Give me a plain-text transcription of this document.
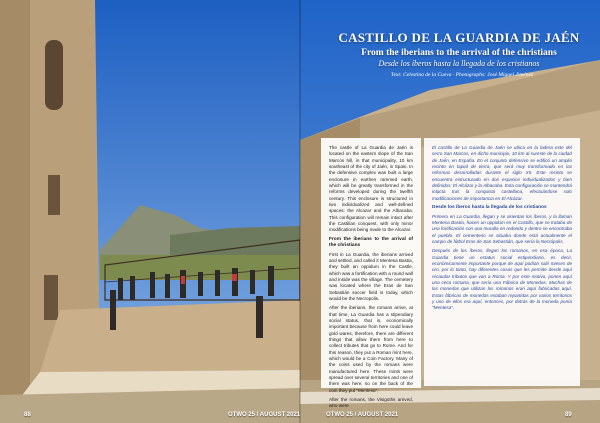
CASTILLO DE LA GUARDIA DE JAÉN
From the iberians to the arrival of the christians
Desde los íberos hasta la llegada de los cristianos
Text: Celestina de la Cueva · Photographs: José Miguel Jiménez

The castle of La Guardia de Jaén is located on the eastern slope of the San Marcos hill, in that municipality, 10 km southeast of the city of Jaén, in Spain. In the defensive complex was built a large enclosure in earthen rammed earth, which will be greatly transformed in the reforms developed during the twelfth century. This enclosure is structured in two individualized and well-defined spaces: the Alcazar and the Albacaba. This configuration will remain intact after the Castilian conquest, with only minor modifications being made to the Alcazar.

From the iberians to the arrival of the christians

First in La Guardia, the iberians arrived and settled, and called it Mentesa Bastia, they built an oppidum in the Castle, which was a fortification with a round wall and inside was the village. The cemetery was located where the Eras de San Sebastián soccer field is today, which would be the Necropolis.

After the iberians, the romans arrive, at that time, La Guardia has a stipendiary social status, that is, economically important because from here could leave gold wares, therefore, there are different things that allow them from here to collect tributes that go to Rome. And for this reason, they put a Roman mint here, which would be a Coin Factory. Many of the coins used by the romans were manufactured here. These mints were spread over several territories and one of them was here, so on the back of the coin they put "Mentesa".

After the romans, the Visigoths arrived, who were

El castillo de La Guardia de Jaén se ubica en la ladera este del cerro San Marcos, en dicho municipio, 10 km al sureste de la ciudad de Jaén, en España. En el conjunto defensivo se edificó un amplio recinto en tapial de tierra, que será muy transformado en las reformas desarrolladas durante el siglo XII. Este recinto se encuentra estructurado en dos espacios individualizados y bien definidos: El Alcázar y la Albacaba. Esta configuración se mantendrá intacta tras la conquista castellana, efectuándose solo modificaciones de importancia en El Alcázar.

Desde los íberos hasta la llegada de los cristianos

Primero en La Guardia, llegan y se asientan los íberos, y la llaman Mentesa Bastia, hacen un oppidum en el Castillo, que se trataba de una fortificación con una muralla en redondo y dentro se encontraba el pueblo. El cementerio se situaba donde está actualmente el campo de fútbol Eras de San Sebastián, que sería la Necrópolis.

Después de los íberos, llegan los romanos, en esa época, La Guardia tiene un estatus social estipendiario, es decir, económicamente importante porque de aquí podían salir mieses de oro, por lo tanto, hay diferentes cosas que les permite desde aquí recaudar tributos que van a Roma. Y por este motivo, ponen aquí una ceca romana, que sería una Fábrica de Monedas. Muchas de las monedas que utilizan los romanos eran aquí fabricadas aquí. Estas fábricas de monedas estaban repartidas por varios territorios y uno de ellos era aquí, entonces, por detrás de la moneda ponía "Mentesa".

88	OTWO 25 / AUGUST 2021	OTWO 25 / AUGUST 2021	89
